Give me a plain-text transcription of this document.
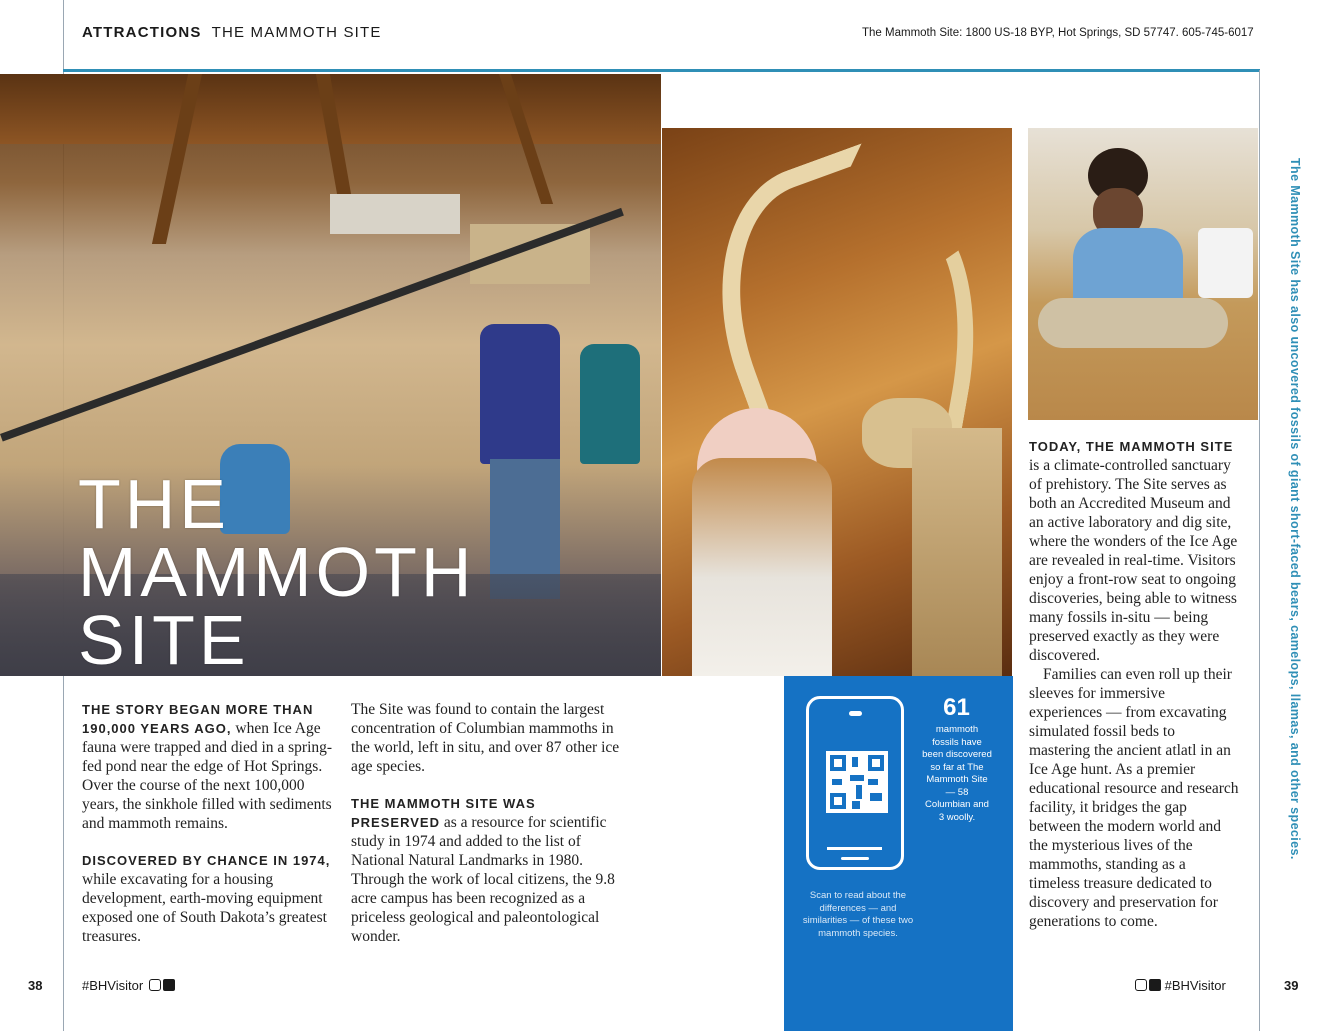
ATTRACTIONS THE MAMMOTH SITE	The Mammoth Site: 1800 US-18 BYP, Hot Springs, SD 57747. 605-745-6017
THE
MAMMOTH
SITE

THE STORY BEGAN MORE THAN 190,000 YEARS AGO, when Ice Age fauna were trapped and died in a spring-fed pond near the edge of Hot Springs. Over the course of the next 100,000 years, the sinkhole filled with sediments and mammoth remains.

DISCOVERED BY CHANCE IN 1974, while excavating for a housing development, earth-moving equipment exposed one of South Dakota’s greatest treasures.

The Site was found to contain the largest concentration of Columbian mammoths in the world, left in situ, and over 87 other ice age species.

THE MAMMOTH SITE WAS PRESERVED as a resource for scientific study in 1974 and added to the list of National Natural Landmarks in 1980. Through the work of local citizens, the 9.8 acre campus has been recognized as a priceless geological and paleontological wonder.

TODAY, THE MAMMOTH SITE is a climate-controlled sanctuary of prehistory. The Site serves as both an Accredited Museum and an active laboratory and dig site, where the wonders of the Ice Age are revealed in real-time. Visitors enjoy a front-row seat to ongoing discoveries, being able to witness many fossils in-situ — being preserved exactly as they were discovered.

Families can even roll up their sleeves for immersive experiences — from excavating simulated fossil beds to mastering the ancient atlatl in an Ice Age hunt. As a premier educational resource and research facility, it bridges the gap between the modern world and the mysterious lives of the mammoths, standing as a timeless treasure dedicated to discovery and preservation for generations to come.

61
mammoth fossils have been discovered so far at The Mammoth Site — 58 Columbian and 3 woolly.
Scan to read about the differences — and similarities — of these two mammoth species.
The Mammoth Site has also uncovered fossils of giant short-faced bears, camelops, llamas, and other species.
38	#BHVisitor	#BHVisitor	39
